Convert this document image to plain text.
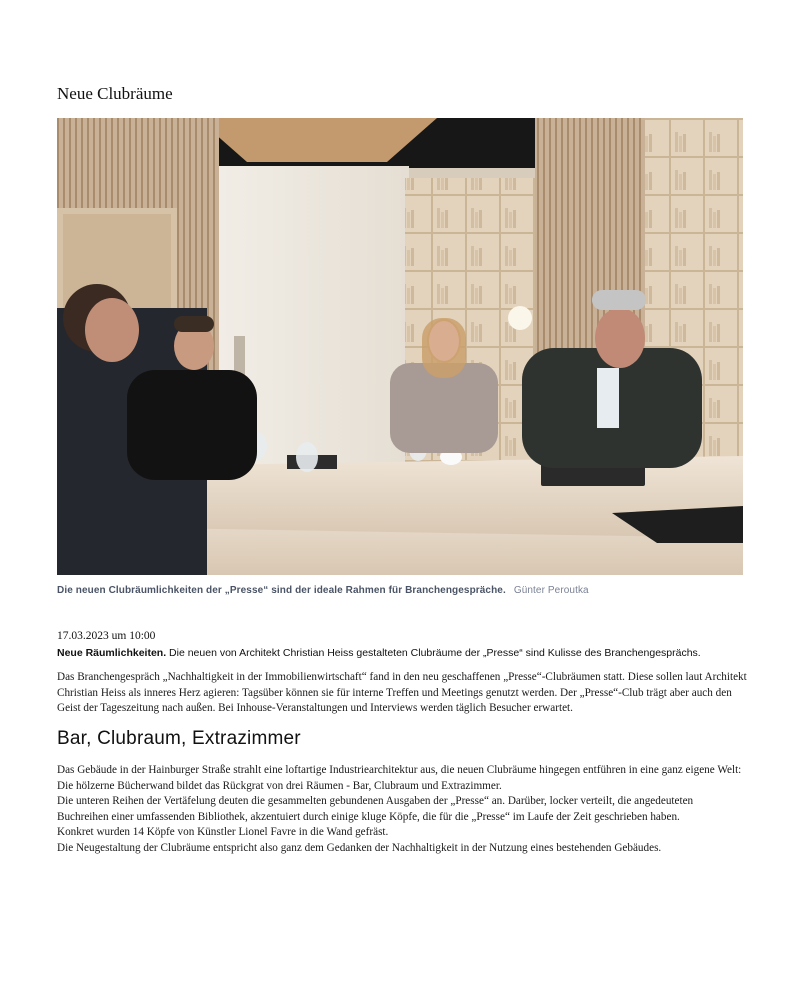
Neue Clubräume
Die neuen Clubräumlichkeiten der „Presse“ sind der ideale Rahmen für Branchengespräche. Günter Peroutka
17.03.2023 um 10:00
Neue Räumlichkeiten. Die neuen von Architekt Christian Heiss gestalteten Clubräume der „Presse“ sind Kulisse des Branchengesprächs.

Das Branchengespräch „Nachhaltigkeit in der Immobilienwirtschaft“ fand in den neu geschaffenen „Presse“-Clubräumen statt. Diese sollen laut Architekt Christian Heiss als inneres Herz agieren: Tagsüber können sie für interne Treffen und Meetings genutzt werden. Der „Presse“-Club trägt aber auch den Geist der Tageszeitung nach außen. Bei Inhouse-Veranstaltungen und Interviews werden täglich Besucher erwartet.

Bar, Clubraum, Extrazimmer
Das Gebäude in der Hainburger Straße strahlt eine loftartige Industriearchitektur aus, die neuen Clubräume hingegen entführen in eine ganz eigene Welt: Die hölzerne Bücherwand bildet das Rückgrat von drei Räumen - Bar, Clubraum und Extrazimmer.
Die unteren Reihen der Vertäfelung deuten die gesammelten gebundenen Ausgaben der „Presse“ an. Darüber, locker verteilt, die angedeuteten Buchreihen einer umfassenden Bibliothek, akzentuiert durch einige kluge Köpfe, die für die „Presse“ im Laufe der Zeit geschrieben haben.
Konkret wurden 14 Köpfe von Künstler Lionel Favre in die Wand gefräst.
Die Neugestaltung der Clubräume entspricht also ganz dem Gedanken der Nachhaltigkeit in der Nutzung eines bestehenden Gebäudes.
